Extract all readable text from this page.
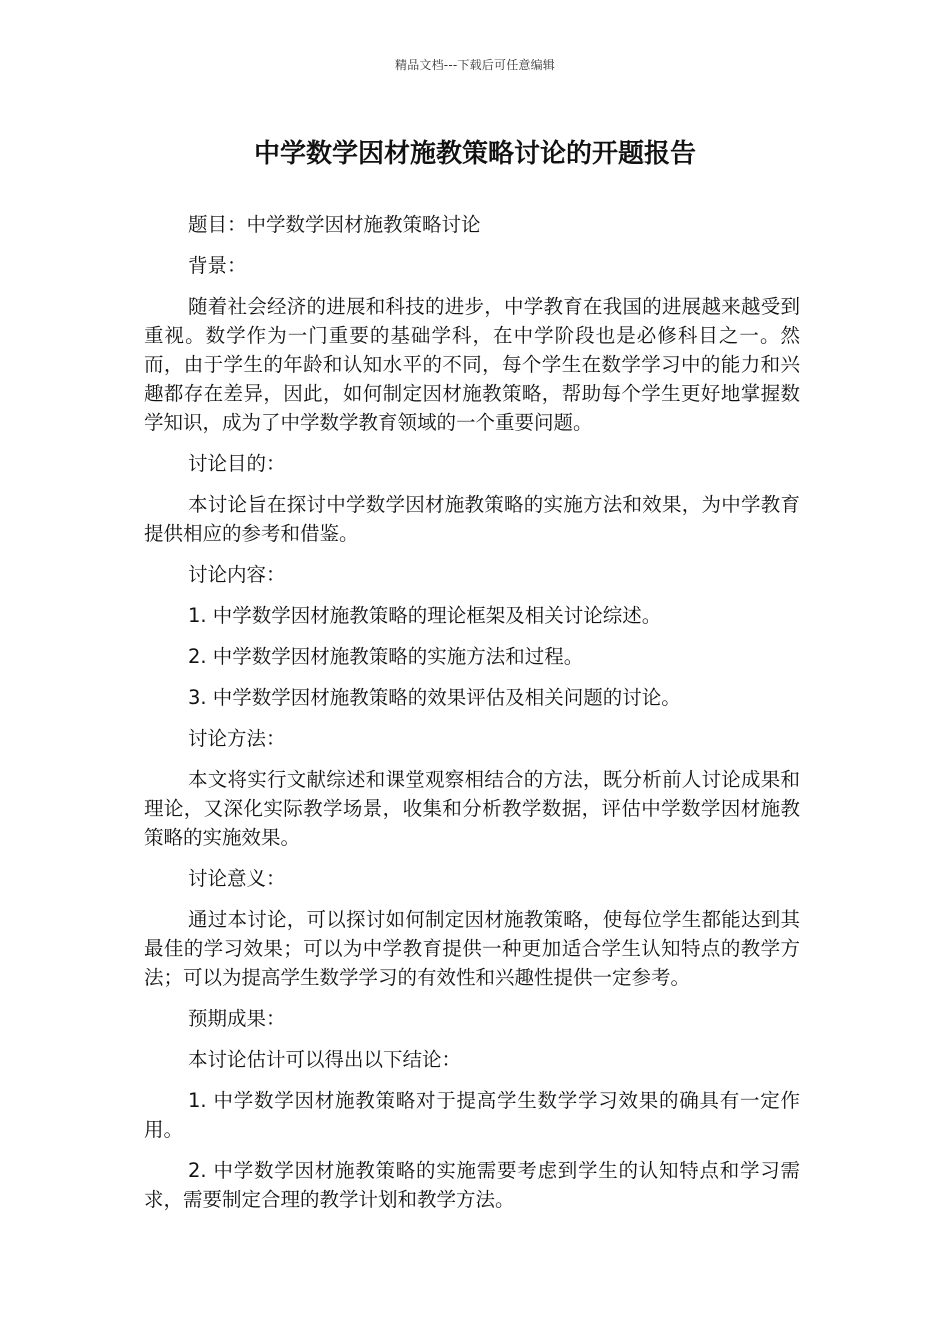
精品文档---下载后可任意编辑
中学数学因材施教策略讨论的开题报告

题目：中学数学因材施教策略讨论

背景：

随着社会经济的进展和科技的进步，中学教育在我国的进展越来越受到重视。数学作为一门重要的基础学科，在中学阶段也是必修科目之一。然而，由于学生的年龄和认知水平的不同，每个学生在数学学习中的能力和兴趣都存在差异，因此，如何制定因材施教策略，帮助每个学生更好地掌握数学知识，成为了中学数学教育领域的一个重要问题。

讨论目的：

本讨论旨在探讨中学数学因材施教策略的实施方法和效果，为中学教育提供相应的参考和借鉴。

讨论内容：

1. 中学数学因材施教策略的理论框架及相关讨论综述。

2. 中学数学因材施教策略的实施方法和过程。

3. 中学数学因材施教策略的效果评估及相关问题的讨论。

讨论方法：

本文将实行文献综述和课堂观察相结合的方法，既分析前人讨论成果和理论，又深化实际教学场景，收集和分析教学数据，评估中学数学因材施教策略的实施效果。

讨论意义：

通过本讨论，可以探讨如何制定因材施教策略，使每位学生都能达到其最佳的学习效果；可以为中学教育提供一种更加适合学生认知特点的教学方法；可以为提高学生数学学习的有效性和兴趣性提供一定参考。

预期成果：

本讨论估计可以得出以下结论：

1. 中学数学因材施教策略对于提高学生数学学习效果的确具有一定作用。

2. 中学数学因材施教策略的实施需要考虑到学生的认知特点和学习需求，需要制定合理的教学计划和教学方法。
